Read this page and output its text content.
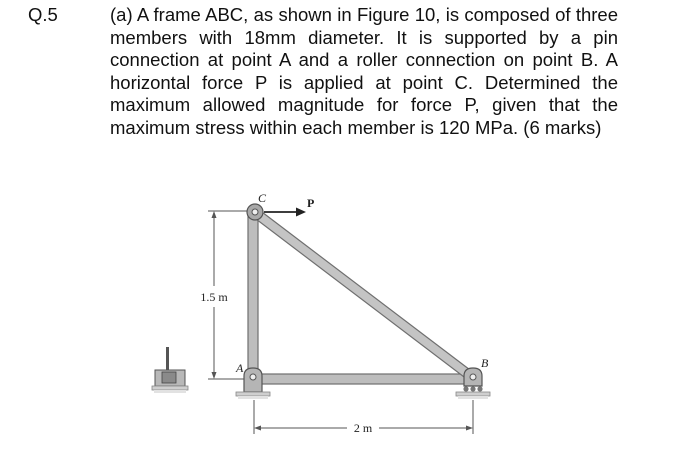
Q.5	(a) A frame ABC, as shown in Figure 10, is composed of three members with 18mm diameter. It is supported by a pin connection at point A and a roller connection on point B. A horizontal force P is applied at point C. Determined the maximum allowed magnitude for force P, given that the maximum stress within each member is 120 MPa. (6 marks)
1.5 m
2 m
C	P
A	B
